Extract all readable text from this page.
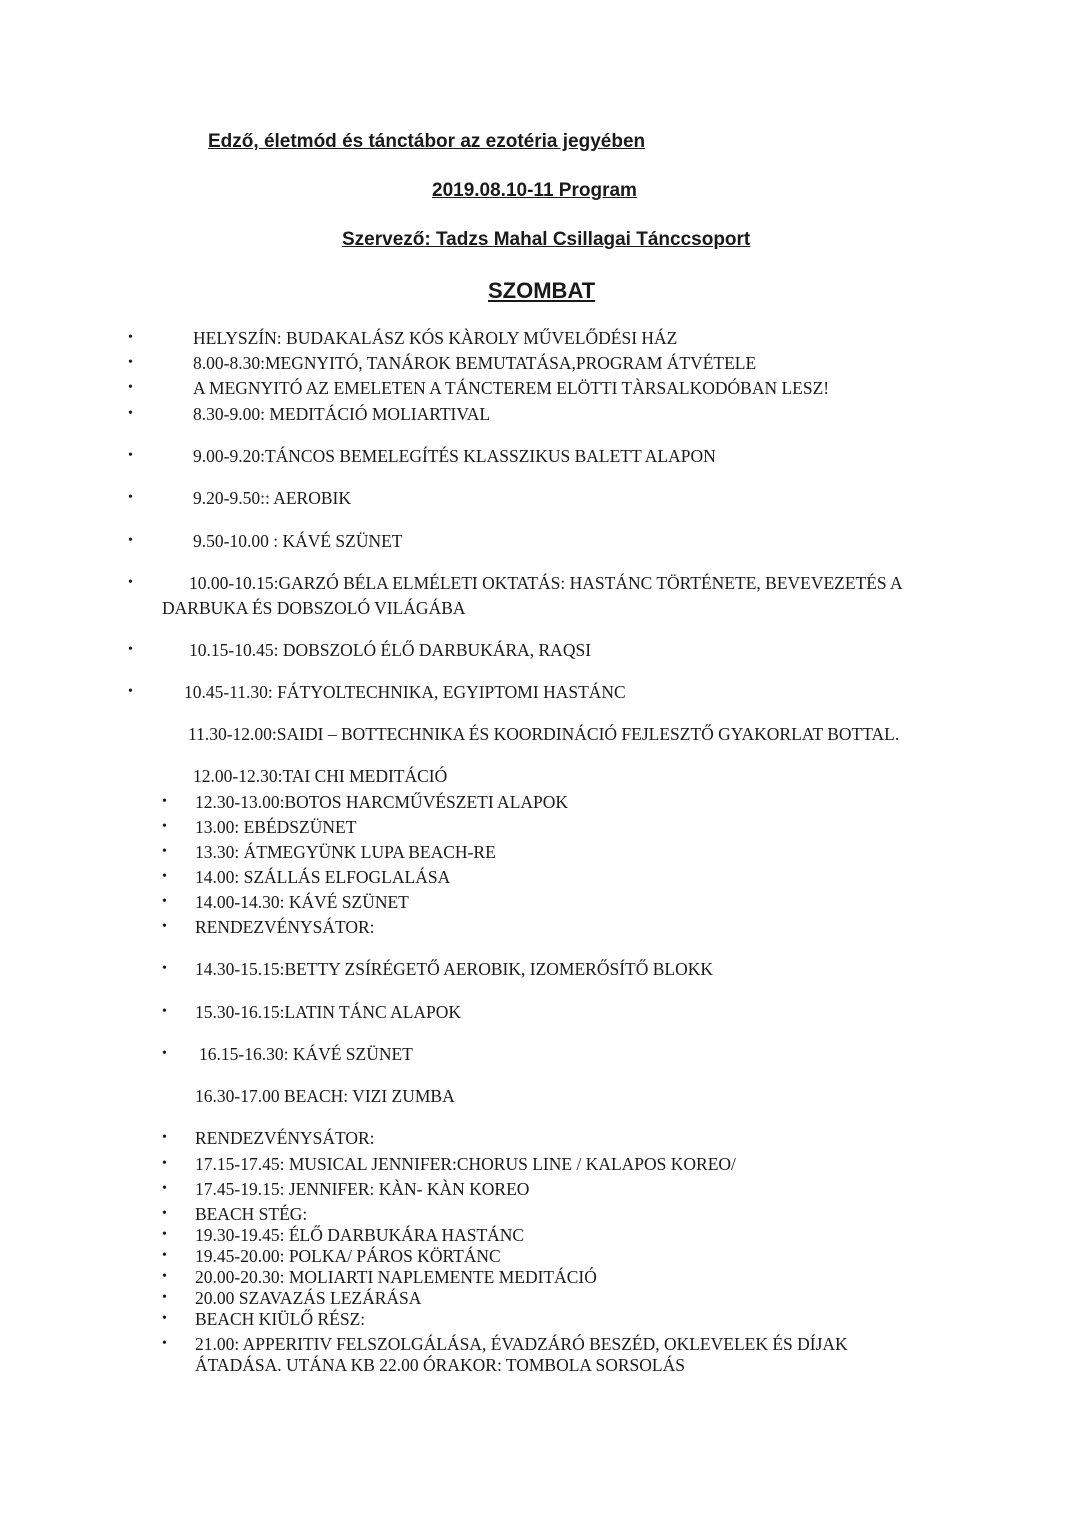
Edző, életmód és tánctábor az ezotéria jegyében
2019.08.10-11 Program
Szervező: Tadzs Mahal Csillagai Tánccsoport
SZOMBAT
•	HELYSZÍN: BUDAKALÁSZ KÓS KÀROLY MŰVELŐDÉSI HÁZ
•	8.00-8.30:MEGNYITÓ, TANÁROK BEMUTATÁSA,PROGRAM ÁTVÉTELE
•	A MEGNYITÓ AZ EMELETEN A TÁNCTEREM ELÖTTI TÀRSALKODÓBAN LESZ!
•	8.30-9.00: MEDITÁCIÓ MOLIARTIVAL
•	9.00-9.20:TÁNCOS BEMELEGÍTÉS KLASSZIKUS BALETT ALAPON
•	9.20-9.50:: AEROBIK
•	9.50-10.00 : KÁVÉ SZÜNET
•	10.00-10.15:GARZÓ BÉLA ELMÉLETI OKTATÁS: HASTÁNC TÖRTÉNETE, BEVEVEZETÉS A
DARBUKA ÉS DOBSZOLÓ VILÁGÁBA
•	10.15-10.45: DOBSZOLÓ ÉLŐ DARBUKÁRA, RAQSI
•	10.45-11.30: FÁTYOLTECHNIKA, EGYIPTOMI HASTÁNC
11.30-12.00:SAIDI – BOTTECHNIKA ÉS KOORDINÁCIÓ FEJLESZTŐ GYAKORLAT BOTTAL.
12.00-12.30:TAI CHI MEDITÁCIÓ
• 12.30-13.00:BOTOS HARCMŰVÉSZETI ALAPOK
• 13.00: EBÉDSZÜNET
• 13.30: ÁTMEGYÜNK LUPA BEACH-RE
• 14.00: SZÁLLÁS ELFOGLALÁSA
• 14.00-14.30: KÁVÉ SZÜNET
• RENDEZVÉNYSÁTOR:
• 14.30-15.15:BETTY ZSÍRÉGETŐ AEROBIK, IZOMERŐSÍTŐ BLOKK
• 15.30-16.15:LATIN TÁNC ALAPOK
• 16.15-16.30: KÁVÉ SZÜNET
16.30-17.00 BEACH: VIZI ZUMBA
• RENDEZVÉNYSÁTOR:
• 17.15-17.45: MUSICAL JENNIFER:CHORUS LINE / KALAPOS KOREO/
• 17.45-19.15: JENNIFER: KÀN- KÀN KOREO
• BEACH STÉG:
• 19.30-19.45: ÉLŐ DARBUKÁRA HASTÁNC
• 19.45-20.00: POLKA/ PÁROS KÖRTÁNC
• 20.00-20.30: MOLIARTI NAPLEMENTE MEDITÁCIÓ
• 20.00 SZAVAZÁS LEZÁRÁSA
• BEACH KIÜLŐ RÉSZ:
• 21.00: APPERITIV FELSZOLGÁLÁSA, ÉVADZÁRÓ BESZÉD, OKLEVELEK ÉS DÍJAK
ÁTADÁSA. UTÁNA KB 22.00 ÓRAKOR: TOMBOLA SORSOLÁS
